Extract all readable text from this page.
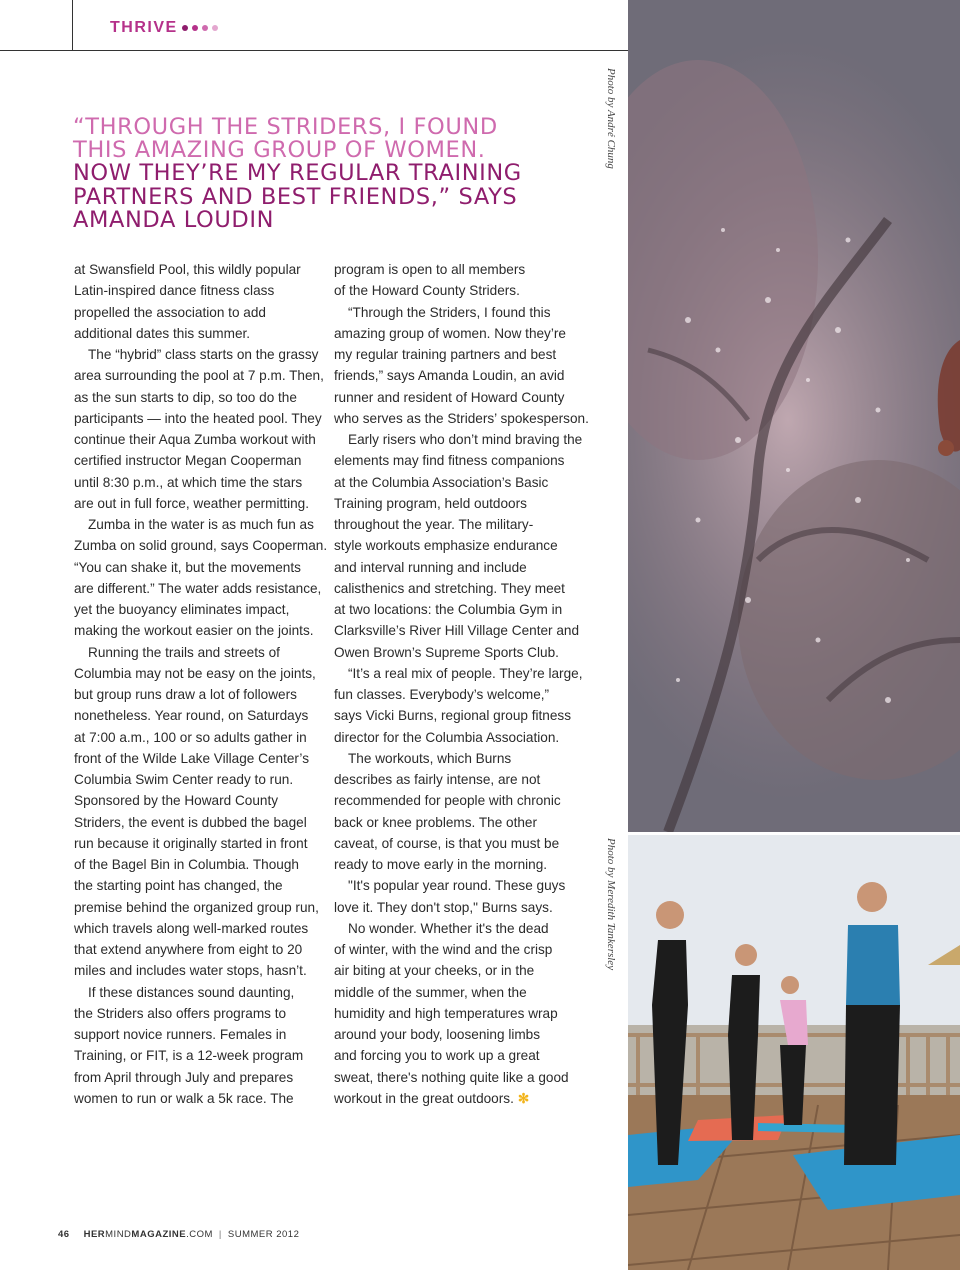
THRIVE
“THROUGH THE STRIDERS, I FOUND
THIS AMAZING GROUP OF WOMEN.
NOW THEY’RE MY REGULAR TRAINING
PARTNERS AND BEST FRIENDS,” SAYS
AMANDA LOUDIN

at Swansfield Pool, this wildly popular

Latin-inspired dance fitness class

propelled the association to add

additional dates this summer.

The “hybrid” class starts on the grassy

area surrounding the pool at 7 p.m. Then,

as the sun starts to dip, so too do the

participants — into the heated pool. They

continue their Aqua Zumba workout with

certified instructor Megan Cooperman

until 8:30 p.m., at which time the stars

are out in full force, weather permitting.

Zumba in the water is as much fun as

Zumba on solid ground, says Cooperman.

“You can shake it, but the movements

are different.” The water adds resistance,

yet the buoyancy eliminates impact,

making the workout easier on the joints.

Running the trails and streets of

Columbia may not be easy on the joints,

but group runs draw a lot of followers

nonetheless. Year round, on Saturdays

at 7:00 a.m., 100 or so adults gather in

front of the Wilde Lake Village Center’s

Columbia Swim Center ready to run.

Sponsored by the Howard County

Striders, the event is dubbed the bagel

run because it originally started in front

of the Bagel Bin in Columbia. Though

the starting point has changed, the

premise behind the organized group run,

which travels along well-marked routes

that extend anywhere from eight to 20

miles and includes water stops, hasn’t.

If these distances sound daunting,

the Striders also offers programs to

support novice runners. Females in

Training, or FIT, is a 12-week program

from April through July and prepares

women to run or walk a 5k race. The

program is open to all members

of the Howard County Striders.

“Through the Striders, I found this

amazing group of women. Now they’re

my regular training partners and best

friends,” says Amanda Loudin, an avid

runner and resident of Howard County

who serves as the Striders’ spokesperson.

Early risers who don’t mind braving the

elements may find fitness companions

at the Columbia Association’s Basic

Training program, held outdoors

throughout the year. The military-

style workouts emphasize endurance

and interval running and include

calisthenics and stretching. They meet

at two locations: the Columbia Gym in

Clarksville’s River Hill Village Center and

Owen Brown’s Supreme Sports Club.

“It’s a real mix of people. They’re large,

fun classes. Everybody’s welcome,”

says Vicki Burns, regional group fitness

director for the Columbia Association.

The workouts, which Burns

describes as fairly intense, are not

recommended for people with chronic

back or knee problems. The other

caveat, of course, is that you must be

ready to move early in the morning.

"It's popular year round. These guys

love it. They don't stop," Burns says.

No wonder. Whether it's the dead

of winter, with the wind and the crisp

air biting at your cheeks, or in the

middle of the summer, when the

humidity and high temperatures wrap

around your body, loosening limbs

and forcing you to work up a great

sweat, there's nothing quite like a good

workout in the great outdoors. ✻

Photo by André Chung
Photo by Meredith Tankersley
46 HERMINDMAGAZINE.COM | SUMMER 2012
